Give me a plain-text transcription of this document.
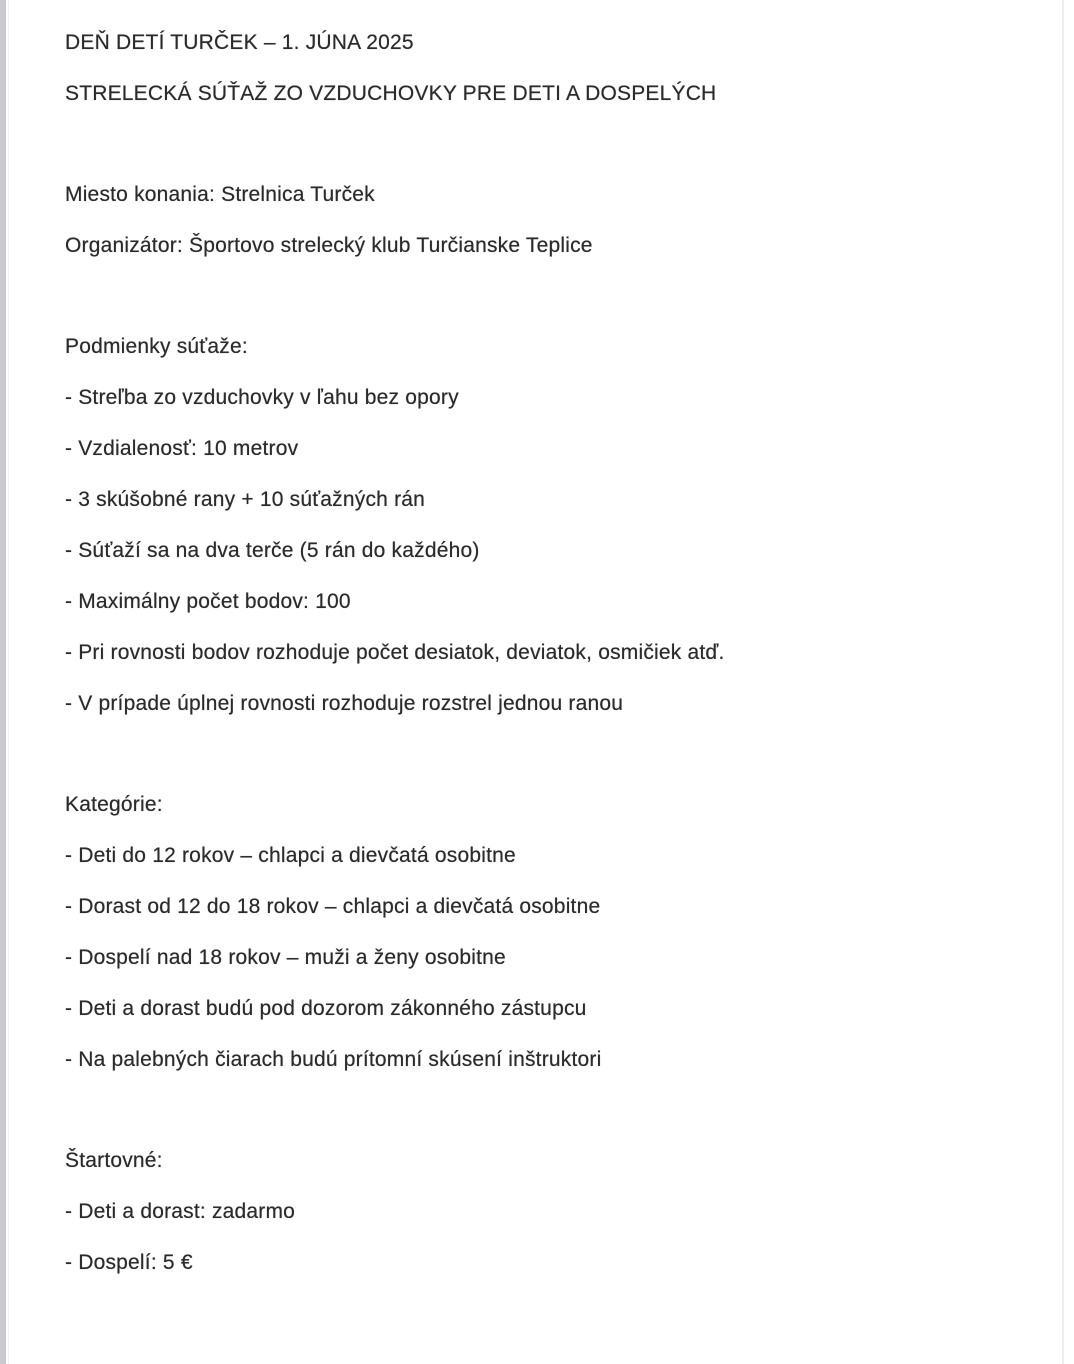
DEŇ DETÍ TURČEK – 1. JÚNA 2025

STRELECKÁ SÚŤAŽ ZO VZDUCHOVKY PRE DETI A DOSPELÝCH

Miesto konania: Strelnica Turček

Organizátor: Športovo strelecký klub Turčianske Teplice

Podmienky súťaže:

- Streľba zo vzduchovky v ľahu bez opory

- Vzdialenosť: 10 metrov

- 3 skúšobné rany + 10 súťažných rán

- Súťaží sa na dva terče (5 rán do každého)

- Maximálny počet bodov: 100

- Pri rovnosti bodov rozhoduje počet desiatok, deviatok, osmičiek atď.

- V prípade úplnej rovnosti rozhoduje rozstrel jednou ranou

Kategórie:

- Deti do 12 rokov – chlapci a dievčatá osobitne

- Dorast od 12 do 18 rokov – chlapci a dievčatá osobitne

- Dospelí nad 18 rokov – muži a ženy osobitne

- Deti a dorast budú pod dozorom zákonného zástupcu

- Na palebných čiarach budú prítomní skúsení inštruktori

Štartovné:

- Deti a dorast: zadarmo

- Dospelí: 5 €
